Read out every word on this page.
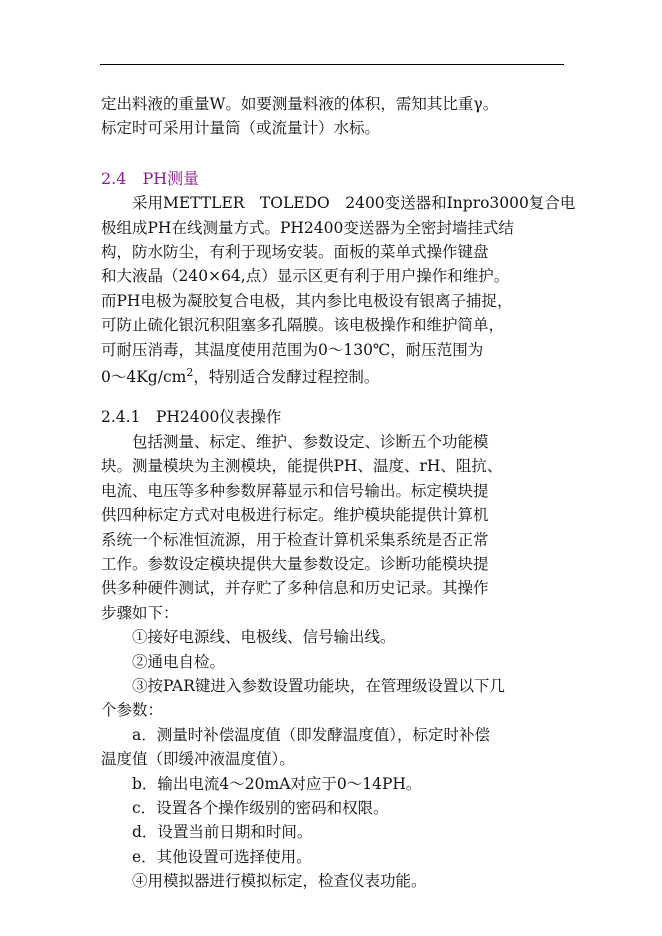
定出料液的重量W。如要测量料液的体积，需知其比重γ。

标定时可采用计量筒（或流量计）水标。

2.4　PH测量

采用METTLER　TOLEDO　2400变送器和Inpro3000复合电

极组成PH在线测量方式。PH2400变送器为全密封墙挂式结

构，防水防尘，有利于现场安装。面板的菜单式操作键盘

和大液晶（240×64,点）显示区更有利于用户操作和维护。

而PH电极为凝胶复合电极，其内参比电极设有银离子捕捉，

可防止硫化银沉积阻塞多孔隔膜。该电极操作和维护简单，

可耐压消毒，其温度使用范围为0～130℃，耐压范围为

$0\sim 4Kg/cm^2$，特别适合发酵过程控制。

2.4.1　PH2400仪表操作

包括测量、标定、维护、参数设定、诊断五个功能模

块。测量模块为主测模块，能提供PH、温度、rH、阻抗、

电流、电压等多种参数屏幕显示和信号输出。标定模块提

供四种标定方式对电极进行标定。维护模块能提供计算机

系统一个标准恒流源，用于检查计算机采集系统是否正常

工作。参数设定模块提供大量参数设定。诊断功能模块提

供多种硬件测试，并存贮了多种信息和历史记录。其操作

步骤如下：

①接好电源线、电极线、信号输出线。

②通电自检。

③按PAR键进入参数设置功能块，在管理级设置以下几

个参数：

a．测量时补偿温度值（即发酵温度值），标定时补偿

温度值（即缓冲液温度值）。

b．输出电流4～20mA对应于0～14PH。

c．设置各个操作级别的密码和权限。

d．设置当前日期和时间。

e．其他设置可选择使用。

④用模拟器进行模拟标定，检查仪表功能。
